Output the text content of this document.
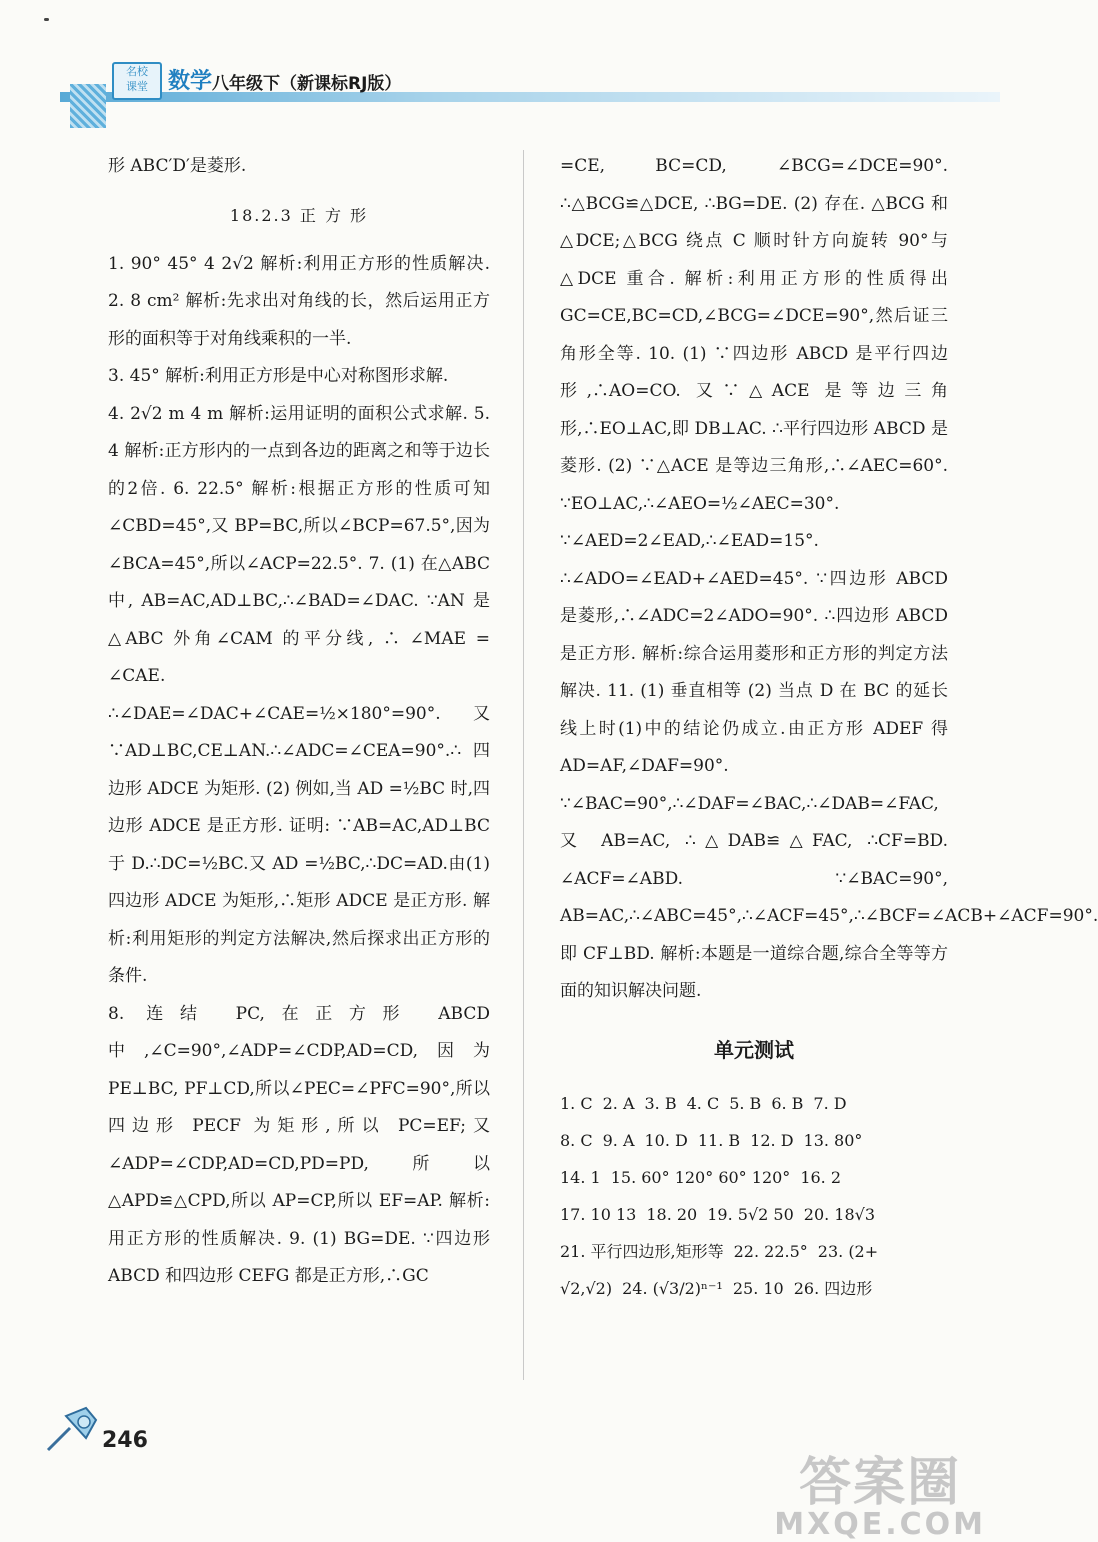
名校
课堂 数学 八年级下（新课标RJ版）

形 ABC′D′是菱形.

18.2.3 正 方 形

1. 90° 45° 4 2√2 解析:利用正方形的性质解决. 2. 8 cm² 解析:先求出对角线的长，然后运用正方形的面积等于对角线乘积的一半.

3. 45° 解析:利用正方形是中心对称图形求解.

4. 2√2 m 4 m 解析:运用证明的面积公式求解. 5. 4 解析:正方形内的一点到各边的距离之和等于边长的2倍. 6. 22.5° 解析:根据正方形的性质可知∠CBD=45°,又 BP=BC,所以∠BCP=67.5°,因为∠BCA=45°,所以∠ACP=22.5°. 7. (1) 在△ABC 中, AB=AC,AD⊥BC,∴∠BAD=∠DAC. ∵AN 是△ABC 外角∠CAM 的平分线, ∴ ∠MAE = ∠CAE. ∴∠DAE=∠DAC+∠CAE=½×180°=90°. 又∵AD⊥BC,CE⊥AN.∴∠ADC=∠CEA=90°.∴四边形 ADCE 为矩形. (2) 例如,当 AD =½BC 时,四边形 ADCE 是正方形. 证明: ∵AB=AC,AD⊥BC 于 D.∴DC=½BC.又 AD =½BC,∴DC=AD.由(1)四边形 ADCE 为矩形,∴矩形 ADCE 是正方形. 解析:利用矩形的判定方法解决,然后探求出正方形的条件.

8. 连结 PC,在正方形 ABCD 中,∠C=90°,∠ADP=∠CDP,AD=CD,因为 PE⊥BC, PF⊥CD,所以∠PEC=∠PFC=90°,所以四边形 PECF 为矩形,所以 PC=EF;又∠ADP=∠CDP,AD=CD,PD=PD,所以△APD≌△CPD,所以 AP=CP,所以 EF=AP. 解析:用正方形的性质解决. 9. (1) BG=DE. ∵四边形 ABCD 和四边形 CEFG 都是正方形,∴GC

=CE, BC=CD, ∠BCG=∠DCE=90°. ∴△BCG≌△DCE, ∴BG=DE. (2) 存在. △BCG 和△DCE;△BCG 绕点 C 顺时针方向旋转 90°与△DCE 重合. 解析:利用正方形的性质得出 GC=CE,BC=CD,∠BCG=∠DCE=90°,然后证三角形全等. 10. (1) ∵四边形 ABCD 是平行四边形,∴AO=CO. 又∵△ACE 是等边三角形,∴EO⊥AC,即 DB⊥AC. ∴平行四边形 ABCD 是菱形. (2) ∵△ACE 是等边三角形,∴∠AEC=60°. ∵EO⊥AC,∴∠AEO=½∠AEC=30°. ∵∠AED=2∠EAD,∴∠EAD=15°. ∴∠ADO=∠EAD+∠AED=45°. ∵四边形 ABCD 是菱形,∴∠ADC=2∠ADO=90°. ∴四边形 ABCD 是正方形. 解析:综合运用菱形和正方形的判定方法解决. 11. (1) 垂直相等 (2) 当点 D 在 BC 的延长线上时(1)中的结论仍成立.由正方形 ADEF 得 AD=AF,∠DAF=90°. ∵∠BAC=90°,∴∠DAF=∠BAC,∴∠DAB=∠FAC,又 AB=AC, ∴△DAB≌△FAC, ∴CF=BD. ∠ACF=∠ABD. ∵∠BAC=90°, AB=AC,∴∠ABC=45°,∴∠ACF=45°,∴∠BCF=∠ACB+∠ACF=90°. 即 CF⊥BD. 解析:本题是一道综合题,综合全等等方面的知识解决问题.

单元测试
1. C 2. A 3. B 4. C 5. B 6. B 7. D
8. C 9. A 10. D 11. B 12. D 13. 80°
14. 1 15. 60° 120° 60° 120° 16. 2
17. 10 13 18. 20 19. 5√2 50 20. 18√3
21. 平行四边形,矩形等 22. 22.5° 23. (2+
√2,√2) 24. (√3/2)ⁿ⁻¹ 25. 10 26. 四边形
246
答案圈
MXQE.COM
